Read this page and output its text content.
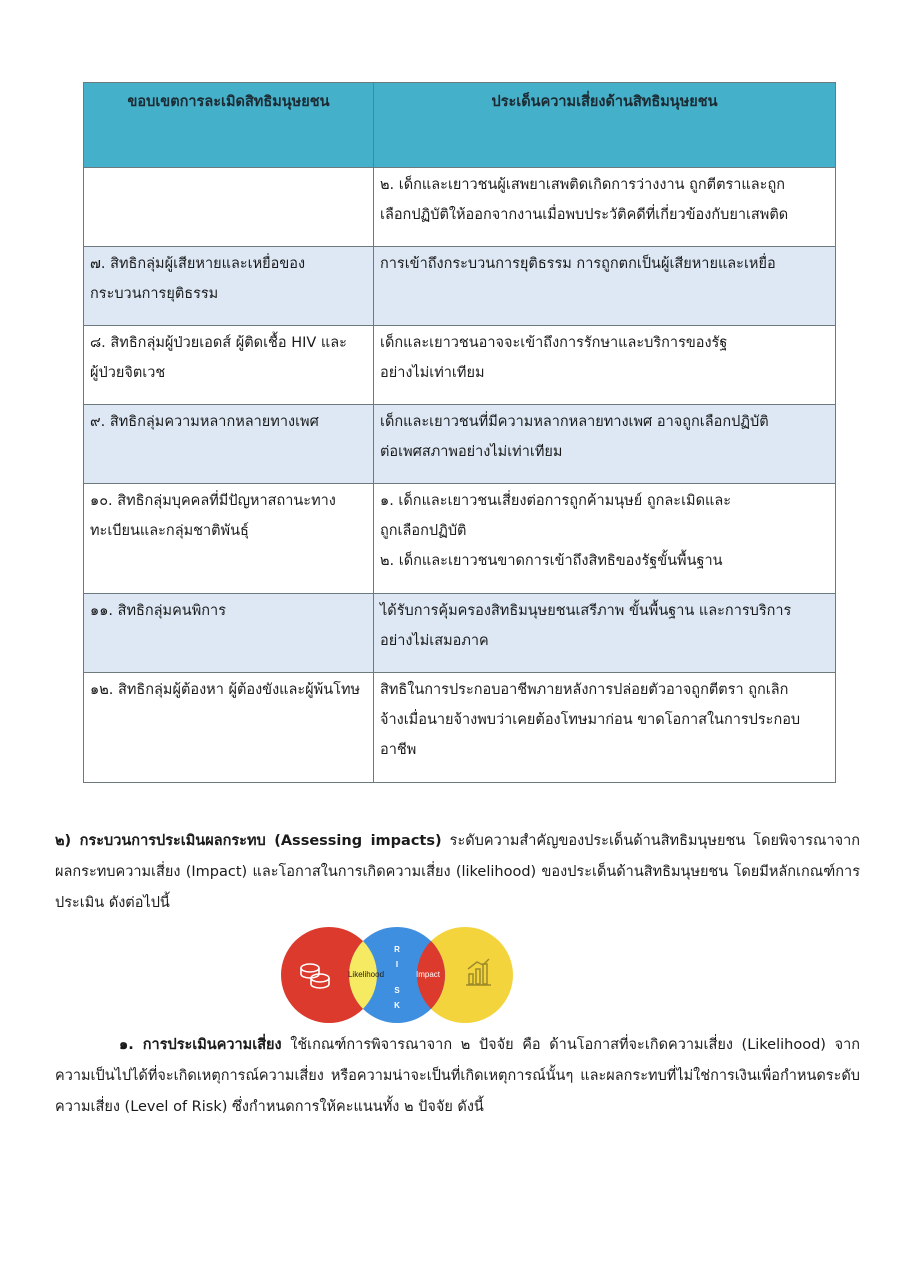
ขอบเขตการละเมิดสิทธิมนุษยชน	ประเด็นความเสี่ยงด้านสิทธิมนุษยชน
	๒. เด็กและเยาวชนผู้เสพยาเสพติดเกิดการว่างงาน ถูกตีตราและถูก
เลือกปฏิบัติให้ออกจากงานเมื่อพบประวัติคดีที่เกี่ยวข้องกับยาเสพติด
๗. สิทธิกลุ่มผู้เสียหายและเหยื่อของ
กระบวนการยุติธรรม	การเข้าถึงกระบวนการยุติธรรม การถูกตกเป็นผู้เสียหายและเหยื่อ
๘. สิทธิกลุ่มผู้ป่วยเอดส์ ผู้ติดเชื้อ HIV และ
ผู้ป่วยจิตเวช	เด็กและเยาวชนอาจจะเข้าถึงการรักษาและบริการของรัฐ
อย่างไม่เท่าเทียม
๙. สิทธิกลุ่มความหลากหลายทางเพศ	เด็กและเยาวชนที่มีความหลากหลายทางเพศ อาจถูกเลือกปฏิบัติ
ต่อเพศสภาพอย่างไม่เท่าเทียม
๑๐. สิทธิกลุ่มบุคคลที่มีปัญหาสถานะทาง
ทะเบียนและกลุ่มชาติพันธุ์	๑. เด็กและเยาวชนเสี่ยงต่อการถูกค้ามนุษย์ ถูกละเมิดและ
ถูกเลือกปฏิบัติ
๒. เด็กและเยาวชนขาดการเข้าถึงสิทธิของรัฐขั้นพื้นฐาน
๑๑. สิทธิกลุ่มคนพิการ	ได้รับการคุ้มครองสิทธิมนุษยชนเสรีภาพ ขั้นพื้นฐาน และการบริการ
อย่างไม่เสมอภาค
๑๒. สิทธิกลุ่มผู้ต้องหา ผู้ต้องขังและผู้พ้นโทษ	สิทธิในการประกอบอาชีพภายหลังการปล่อยตัวอาจถูกตีตรา ถูกเลิก
จ้างเมื่อนายจ้างพบว่าเคยต้องโทษมาก่อน ขาดโอกาสในการประกอบ
อาชีพ
๒) กระบวนการประเมินผลกระทบ (Assessing impacts) ระดับความสำคัญของประเด็นด้านสิทธิมนุษยชน โดยพิจารณาจากผลกระทบความเสี่ยง (Impact) และโอกาสในการเกิดความเสี่ยง (likelihood) ของประเด็นด้านสิทธิมนุษยชน โดยมีหลักเกณฑ์การประเมิน ดังต่อไปนี้
Likelihood	Impact
R
I
S
K
๑. การประเมินความเสี่ยง ใช้เกณฑ์การพิจารณาจาก ๒ ปัจจัย คือ ด้านโอกาสที่จะเกิดความเสี่ยง (Likelihood) จากความเป็นไปได้ที่จะเกิดเหตุการณ์ความเสี่ยง หรือความน่าจะเป็นที่เกิดเหตุการณ์นั้นๆ และผลกระทบที่ไม่ใช่การเงินเพื่อกำหนดระดับความเสี่ยง (Level of Risk) ซึ่งกำหนดการให้คะแนนทั้ง ๒ ปัจจัย ดังนี้
